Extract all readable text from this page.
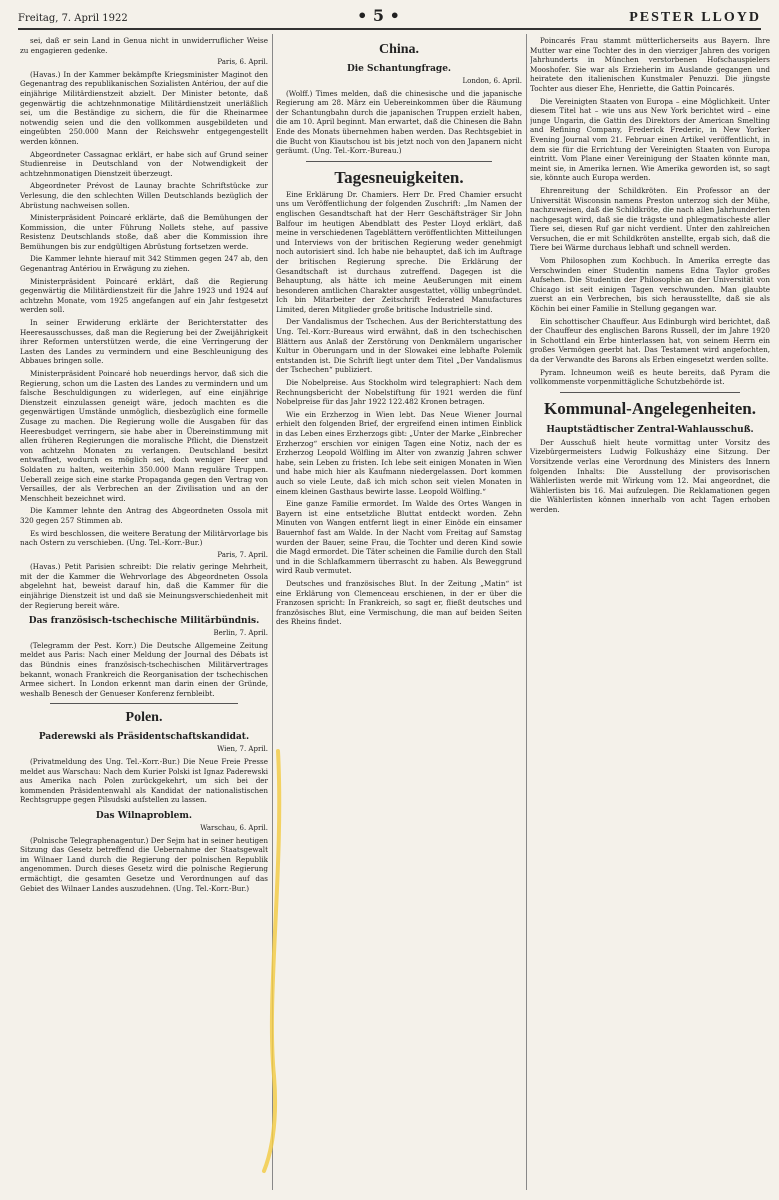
Freitag, 7. April 1922	• 5 •	PESTER LLOYD

sei, daß er sein Land in Genua nicht in unwiderruflicher Weise zu engagieren gedenke.

Paris, 6. April.

(Havas.) In der Kammer bekämpfte Kriegsminister Maginot den Gegenantrag des republikanischen Sozialisten Antériou, der auf die einjährige Militärdienstzeit abzielt. Der Minister betonte, daß gegenwärtig die achtzehnmonatige Militärdienstzeit unerläßlich sei, um die Beständige zu sichern, die für die Rheinarmee notwendig seien und die den vollkommen ausgebildeten und eingeübten 250.000 Mann der Reichswehr entgegengestellt werden können.

Abgeordneter Cassagnac erklärt, er habe sich auf Grund seiner Studienreise in Deutschland von der Notwendigkeit der achtzehnmonatigen Dienstzeit überzeugt.

Abgeordneter Prévost de Launay brachte Schriftstücke zur Verlesung, die den schlechten Willen Deutschlands bezüglich der Abrüstung nachweisen sollen.

Ministerpräsident Poincaré erklärte, daß die Bemühungen der Kommission, die unter Führung Nollets stehe, auf passive Resistenz Deutschlands stoße, daß aber die Kommission ihre Bemühungen bis zur endgültigen Abrüstung fortsetzen werde.

Die Kammer lehnte hierauf mit 342 Stimmen gegen 247 ab, den Gegenantrag Antériou in Erwägung zu ziehen.

Ministerpräsident Poincaré erklärt, daß die Regierung gegenwärtig die Militärdienstzeit für die Jahre 1923 und 1924 auf achtzehn Monate, vom 1925 angefangen auf ein Jahr festgesetzt werden soll.

In seiner Erwiderung erklärte der Berichterstatter des Heeresausschusses, daß man die Regierung bei der Zweijährigkeit ihrer Reformen unterstützen werde, die eine Verringerung der Lasten des Landes zu vermindern und eine Beschleunigung des Abbaues bringen solle.

Ministerpräsident Poincaré hob neuerdings hervor, daß sich die Regierung, schon um die Lasten des Landes zu vermindern und um falsche Beschuldigungen zu widerlegen, auf eine einjährige Dienstzeit einzulassen geneigt wäre, jedoch machten es die gegenwärtigen Umstände unmöglich, diesbezüglich eine formelle Zusage zu machen. Die Regierung wolle die Ausgaben für das Heeresbudget verringern, sie habe aber in Übereinstimmung mit allen früheren Regierungen die moralische Pflicht, die Dienstzeit von achtzehn Monaten zu verlangen. Deutschland besitzt entwaffnet, wodurch es möglich sei, doch weniger Heer und Soldaten zu halten, weiterhin 350.000 Mann reguläre Truppen. Ueberall zeige sich eine starke Propaganda gegen den Vertrag von Versailles, der als Verbrechen an der Zivilisation und an der Menschheit bezeichnet wird.

Die Kammer lehnte den Antrag des Abgeordneten Ossola mit 320 gegen 257 Stimmen ab.

Es wird beschlossen, die weitere Beratung der Militärvorlage bis nach Ostern zu verschieben. (Ung. Tel.-Korr.-Bur.)

Paris, 7. April.

(Havas.) Petit Parisien schreibt: Die relativ geringe Mehrheit, mit der die Kammer die Wehrvorlage des Abgeordneten Ossola abgelehnt hat, beweist darauf hin, daß die Kammer für die einjährige Dienstzeit ist und daß sie Meinungsverschiedenheit mit der Regierung bereit wäre.

Das französisch-tschechische Militärbündnis.

Berlin, 7. April.

(Telegramm der Pest. Korr.) Die Deutsche Allgemeine Zeitung meldet aus Paris: Nach einer Meldung der Journal des Débats ist das Bündnis eines französisch-tschechischen Militärvertrages bekannt, wonach Frankreich die Reorganisation der tschechischen Armee sichert. In London erkennt man darin einen der Gründe, weshalb Benesch der Genueser Konferenz fernbleibt.

Polen.

Paderewski als Präsidentschaftskandidat.

Wien, 7. April.

(Privatmeldung des Ung. Tel.-Korr.-Bur.) Die Neue Freie Presse meldet aus Warschau: Nach dem Kurier Polski ist Ignaz Paderewski aus Amerika nach Polen zurückgekehrt, um sich bei der kommenden Präsidentenwahl als Kandidat der nationalistischen Rechtsgruppe gegen Pilsudski aufstellen zu lassen.

Das Wilnaproblem.

Warschau, 6. April.

(Polnische Telegraphenagentur.) Der Sejm hat in seiner heutigen Sitzung das Gesetz betreffend die Uebernahme der Staatsgewalt im Wilnaer Land durch die Regierung der polnischen Republik angenommen. Durch dieses Gesetz wird die polnische Regierung ermächtigt, die gesamten Gesetze und Verordnungen auf das Gebiet des Wilnaer Landes auszudehnen. (Ung. Tel.-Korr.-Bur.)

China.

Die Schantungfrage.

London, 6. April.

(Wolff.) Times melden, daß die chinesische und die japanische Regierung am 28. März ein Uebereinkommen über die Räumung der Schantungbahn durch die japanischen Truppen erzielt haben, die am 10. April beginnt. Man erwartet, daß die Chinesen die Bahn Ende des Monats übernehmen haben werden. Das Rechtsgebiet in die Bucht von Kiautschou ist bis jetzt noch von den Japanern nicht geräumt. (Ung. Tel.-Korr.-Bureau.)

Tagesneuigkeiten.

Eine Erklärung Dr. Chamiers. Herr Dr. Fred Chamier ersucht uns um Veröffentlichung der folgenden Zuschrift: „Im Namen der englischen Gesandtschaft hat der Herr Geschäftsträger Sir John Balfour im heutigen Abendblatt des Pester Lloyd erklärt, daß meine in verschiedenen Tageblättern veröffentlichten Mitteilungen und Interviews von der britischen Regierung weder genehmigt noch autorisiert sind. Ich habe nie behauptet, daß ich im Auftrage der britischen Regierung spreche. Die Erklärung der Gesandtschaft ist durchaus zutreffend. Dagegen ist die Behauptung, als hätte ich meine Aeußerungen mit einem besonderen amtlichen Charakter ausgestattet, völlig unbegründet. Ich bin Mitarbeiter der Zeitschrift Federated Manufactures Limited, deren Mitglieder große britische Industrielle sind.

Der Vandalismus der Tschechen. Aus der Berichterstattung des Ung. Tel.-Korr.-Bureaus wird erwähnt, daß in den tschechischen Blättern aus Anlaß der Zerstörung von Denkmälern ungarischer Kultur in Oberungarn und in der Slowakei eine lebhafte Polemik entstanden ist. Die Schrift liegt unter dem Titel „Der Vandalismus der Tschechen“ publiziert.

Die Nobelpreise. Aus Stockholm wird telegraphiert: Nach dem Rechnungsbericht der Nobelstiftung für 1921 werden die fünf Nobelpreise für das Jahr 1922 122.482 Kronen betragen.

Wie ein Erzherzog in Wien lebt. Das Neue Wiener Journal erhielt den folgenden Brief, der ergreifend einen intimen Einblick in das Leben eines Erzherzogs gibt: „Unter der Marke „Einbrecher Erzherzog“ erschien vor einigen Tagen eine Notiz, nach der es Erzherzog Leopold Wölfling im Alter von zwanzig Jahren schwer habe, sein Leben zu fristen. Ich lebe seit einigen Monaten in Wien und habe mich hier als Kaufmann niedergelassen. Dort kommen auch so viele Leute, daß ich mich schon seit vielen Monaten in einem kleinen Gasthaus bewirte lasse. Leopold Wölfling.“

Eine ganze Familie ermordet. Im Walde des Ortes Wangen in Bayern ist eine entsetzliche Bluttat entdeckt worden. Zehn Minuten von Wangen entfernt liegt in einer Einöde ein einsamer Bauernhof fast am Walde. In der Nacht vom Freitag auf Samstag wurden der Bauer, seine Frau, die Tochter und deren Kind sowie die Magd ermordet. Die Täter scheinen die Familie durch den Stall und in die Schlafkammern überrascht zu haben. Als Beweggrund wird Raub vermutet.

Deutsches und französisches Blut. In der Zeitung „Matin“ ist eine Erklärung von Clemenceau erschienen, in der er über die Franzosen spricht: In Frankreich, so sagt er, fließt deutsches und französisches Blut, eine Vermischung, die man auf beiden Seiten des Rheins findet.

Poincarés Frau stammt mütterlicherseits aus Bayern. Ihre Mutter war eine Tochter des in den vierziger Jahren des vorigen Jahrhunderts in München verstorbenen Hofschauspielers Mooshofer. Sie war als Erzieherin im Auslande gegangen und heiratete den italienischen Kunstmaler Penuzzi. Die jüngste Tochter aus dieser Ehe, Henriette, die Gattin Poincarés.

Die Vereinigten Staaten von Europa – eine Möglichkeit. Unter diesem Titel hat – wie uns aus New York berichtet wird – eine junge Ungarin, die Gattin des Direktors der American Smelting and Refining Company, Frederick Frederic, in New Yorker Evening Journal vom 21. Februar einen Artikel veröffentlicht, in dem sie für die Errichtung der Vereinigten Staaten von Europa eintritt. Vom Plane einer Vereinigung der Staaten könnte man, meint sie, in Amerika lernen. Wie Amerika geworden ist, so sagt sie, könnte auch Europa werden.

Ehrenreitung der Schildkröten. Ein Professor an der Universität Wisconsin namens Preston unterzog sich der Mühe, nachzuweisen, daß die Schildkröte, die nach allen Jahrhunderten nachgesagt wird, daß sie die trägste und phlegmatischeste aller Tiere sei, diesen Ruf gar nicht verdient. Unter den zahlreichen Versuchen, die er mit Schildkröten anstellte, ergab sich, daß die Tiere bei Wärme durchaus lebhaft und schnell werden.

Vom Philosophen zum Kochbuch. In Amerika erregte das Verschwinden einer Studentin namens Edna Taylor großes Aufsehen. Die Studentin der Philosophie an der Universität von Chicago ist seit einigen Tagen verschwunden. Man glaubte zuerst an ein Verbrechen, bis sich herausstellte, daß sie als Köchin bei einer Familie in Stellung gegangen war.

Ein schottischer Chauffeur. Aus Edinburgh wird berichtet, daß der Chauffeur des englischen Barons Russell, der im Jahre 1920 in Schottland ein Erbe hinterlassen hat, von seinem Herrn ein großes Vermögen geerbt hat. Das Testament wird angefochten, da der Verwandte des Barons als Erben eingesetzt werden sollte.

Pyram. Ichneumon weiß es heute bereits, daß Pyram die vollkommenste vorpenmittägliche Schutzbehörde ist.

Kommunal-Angelegenheiten.

Hauptstädtischer Zentral-Wahlausschuß.

Der Ausschuß hielt heute vormittag unter Vorsitz des Vizebürgermeisters Ludwig Folkusházy eine Sitzung. Der Vorsitzende verlas eine Verordnung des Ministers des Innern folgenden Inhalts: Die Ausstellung der provisorischen Wählerlisten werde mit Wirkung vom 12. Mai angeordnet, die Wählerlisten bis 16. Mai aufzulegen. Die Reklamationen gegen die Wählerlisten können innerhalb von acht Tagen erhoben werden.
